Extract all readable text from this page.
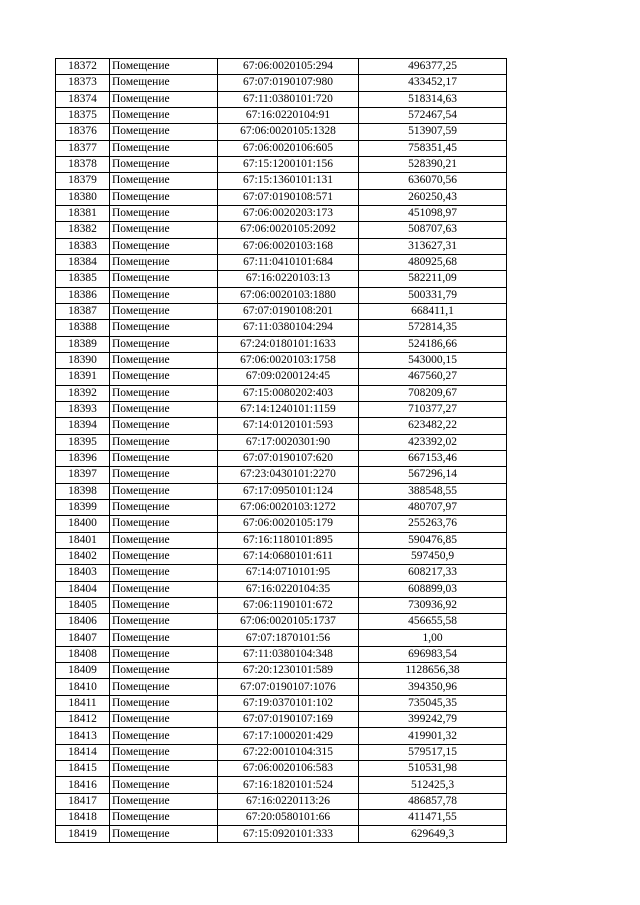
18372	Помещение	67:06:0020105:294	496377,25
18373	Помещение	67:07:0190107:980	433452,17
18374	Помещение	67:11:0380101:720	518314,63
18375	Помещение	67:16:0220104:91	572467,54
18376	Помещение	67:06:0020105:1328	513907,59
18377	Помещение	67:06:0020106:605	758351,45
18378	Помещение	67:15:1200101:156	528390,21
18379	Помещение	67:15:1360101:131	636070,56
18380	Помещение	67:07:0190108:571	260250,43
18381	Помещение	67:06:0020203:173	451098,97
18382	Помещение	67:06:0020105:2092	508707,63
18383	Помещение	67:06:0020103:168	313627,31
18384	Помещение	67:11:0410101:684	480925,68
18385	Помещение	67:16:0220103:13	582211,09
18386	Помещение	67:06:0020103:1880	500331,79
18387	Помещение	67:07:0190108:201	668411,1
18388	Помещение	67:11:0380104:294	572814,35
18389	Помещение	67:24:0180101:1633	524186,66
18390	Помещение	67:06:0020103:1758	543000,15
18391	Помещение	67:09:0200124:45	467560,27
18392	Помещение	67:15:0080202:403	708209,67
18393	Помещение	67:14:1240101:1159	710377,27
18394	Помещение	67:14:0120101:593	623482,22
18395	Помещение	67:17:0020301:90	423392,02
18396	Помещение	67:07:0190107:620	667153,46
18397	Помещение	67:23:0430101:2270	567296,14
18398	Помещение	67:17:0950101:124	388548,55
18399	Помещение	67:06:0020103:1272	480707,97
18400	Помещение	67:06:0020105:179	255263,76
18401	Помещение	67:16:1180101:895	590476,85
18402	Помещение	67:14:0680101:611	597450,9
18403	Помещение	67:14:0710101:95	608217,33
18404	Помещение	67:16:0220104:35	608899,03
18405	Помещение	67:06:1190101:672	730936,92
18406	Помещение	67:06:0020105:1737	456655,58
18407	Помещение	67:07:1870101:56	1,00
18408	Помещение	67:11:0380104:348	696983,54
18409	Помещение	67:20:1230101:589	1128656,38
18410	Помещение	67:07:0190107:1076	394350,96
18411	Помещение	67:19:0370101:102	735045,35
18412	Помещение	67:07:0190107:169	399242,79
18413	Помещение	67:17:1000201:429	419901,32
18414	Помещение	67:22:0010104:315	579517,15
18415	Помещение	67:06:0020106:583	510531,98
18416	Помещение	67:16:1820101:524	512425,3
18417	Помещение	67:16:0220113:26	486857,78
18418	Помещение	67:20:0580101:66	411471,55
18419	Помещение	67:15:0920101:333	629649,3
